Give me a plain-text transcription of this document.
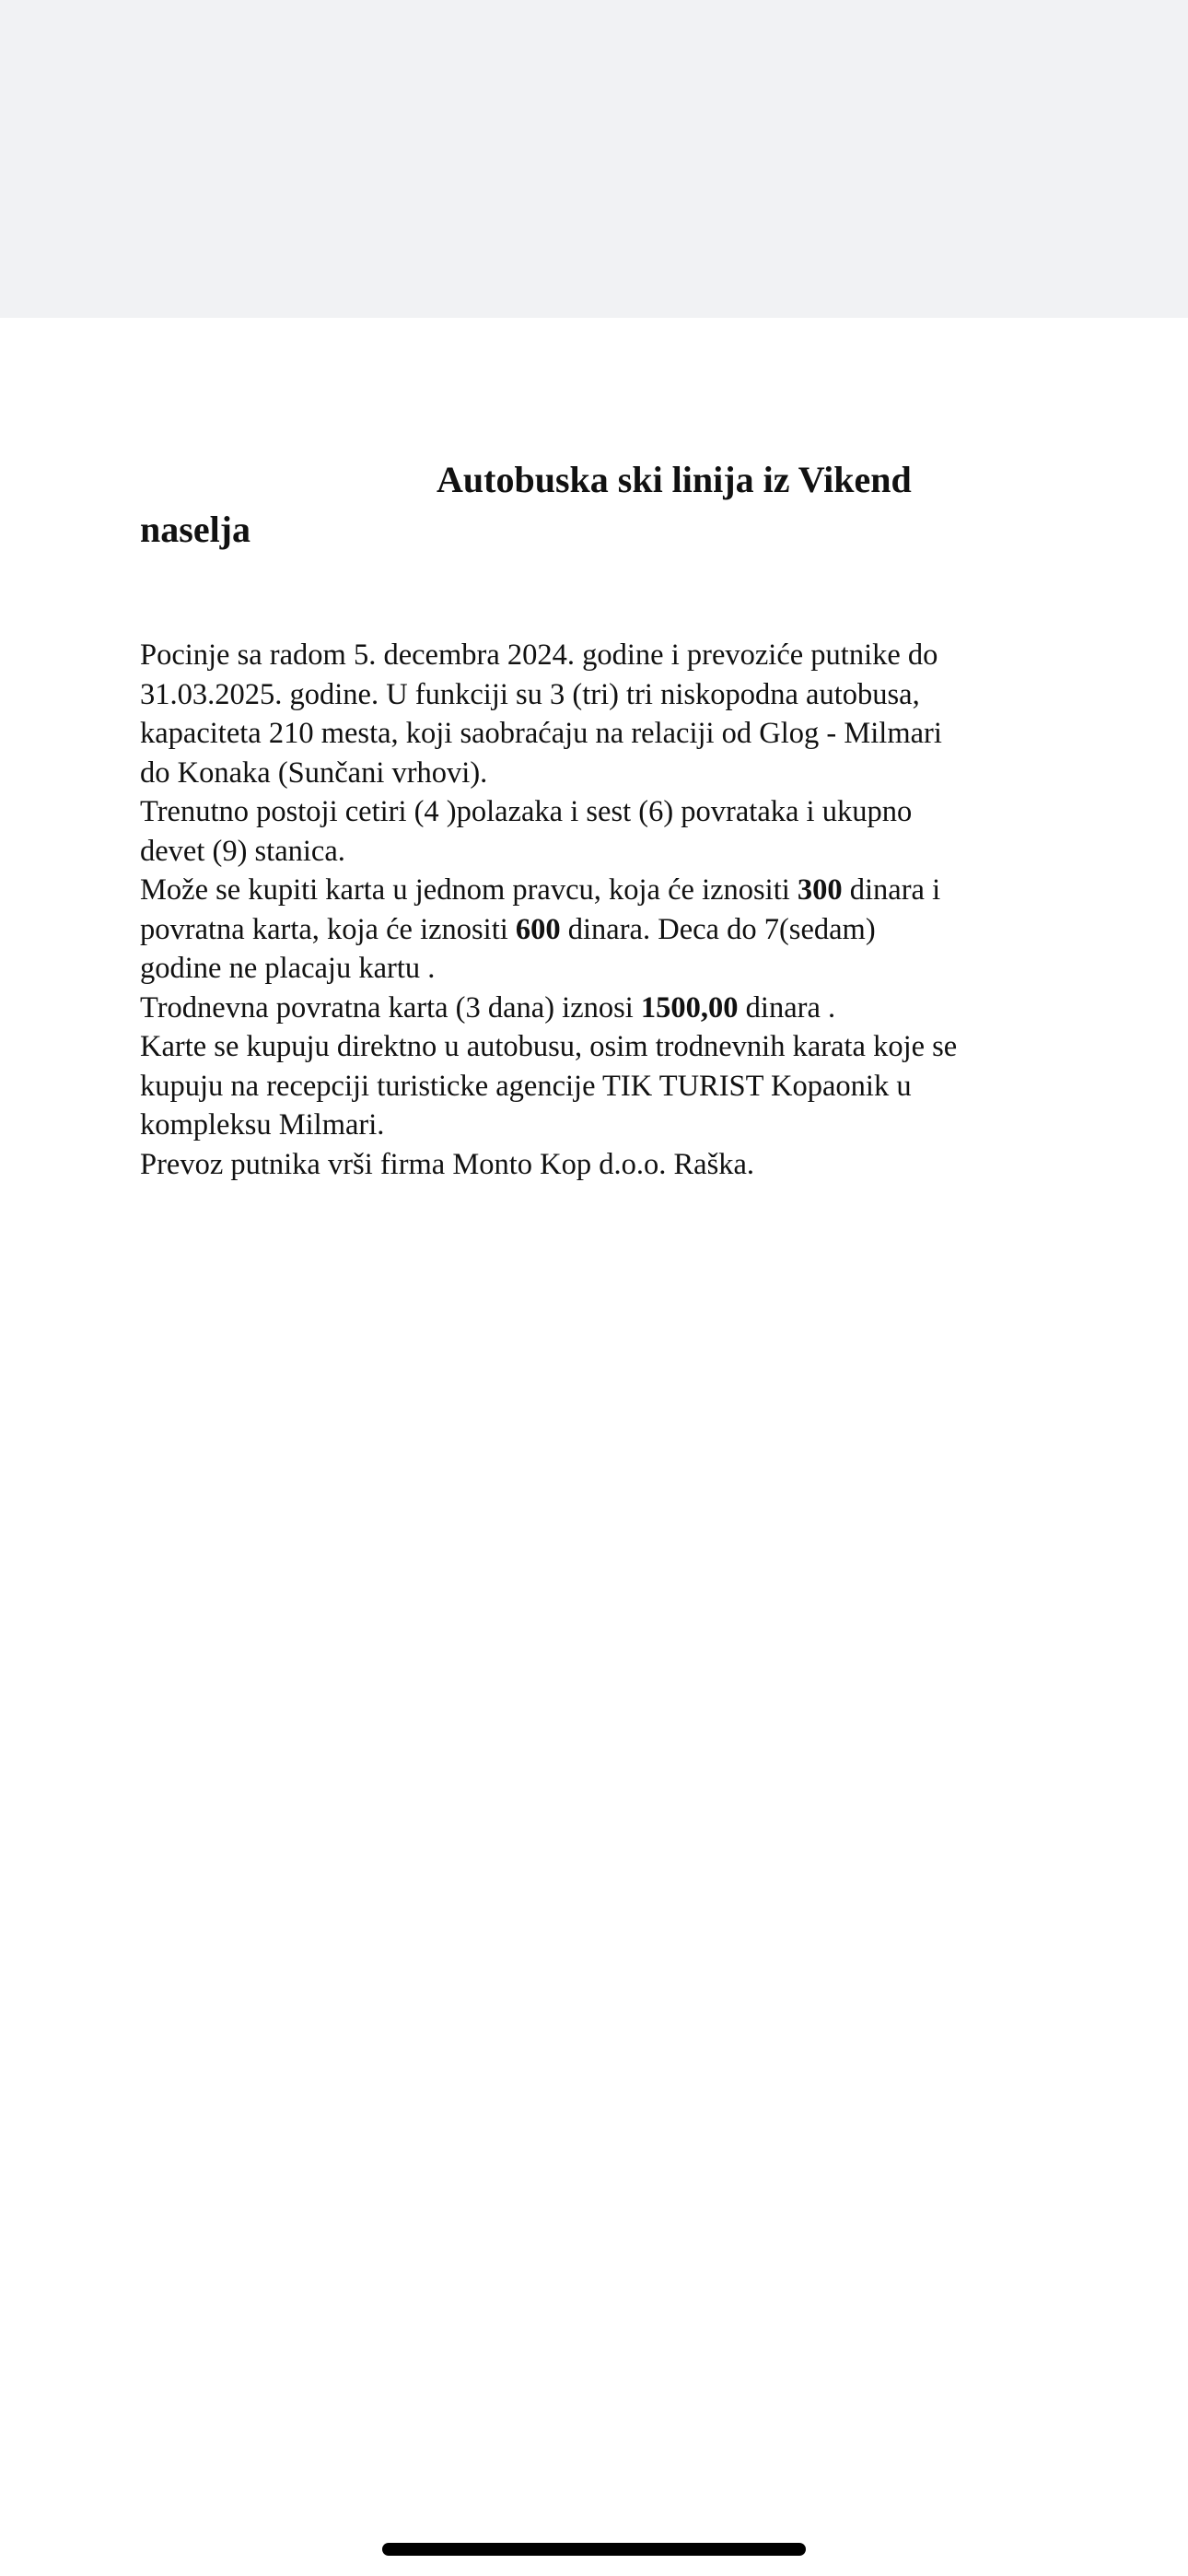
Autobuska ski linija iz Vikend
naselja

Pocinje sa radom 5. decembra 2024. godine i prevoziće putnike do
31.03.2025. godine. U funkciji su 3 (tri) tri niskopodna autobusa,
kapaciteta 210 mesta, koji saobraćaju na relaciji od Glog - Milmari
do Konaka (Sunčani vrhovi).
Trenutno postoji cetiri (4 )polazaka i sest (6) povrataka i ukupno
devet (9) stanica.
Može se kupiti karta u jednom pravcu, koja će iznositi 300 dinara i
povratna karta, koja će iznositi 600 dinara. Deca do 7(sedam)
godine ne placaju kartu .
Trodnevna povratna karta (3 dana) iznosi 1500,00 dinara .
Karte se kupuju direktno u autobusu, osim trodnevnih karata koje se
kupuju na recepciji turisticke agencije TIK TURIST Kopaonik u
kompleksu Milmari.
Prevoz putnika vrši firma Monto Kop d.o.o. Raška.
